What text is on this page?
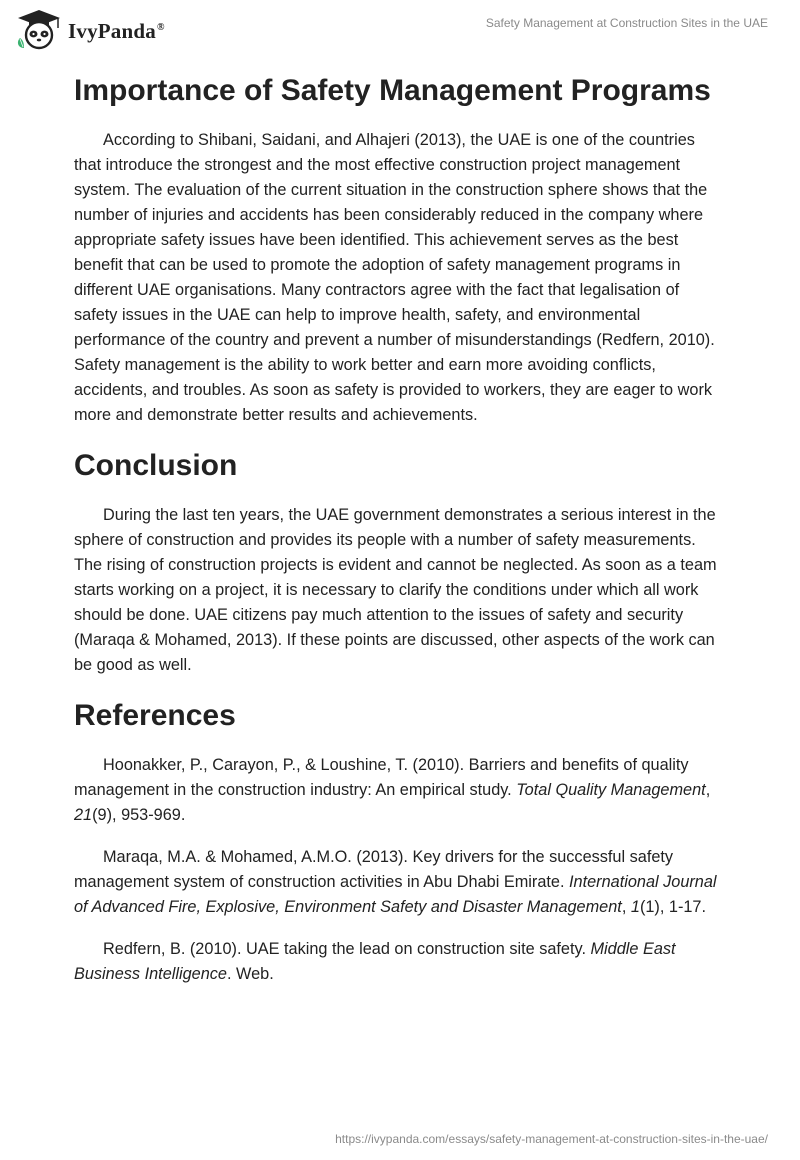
IvyPanda®	Safety Management at Construction Sites in the UAE
Importance of Safety Management Programs

According to Shibani, Saidani, and Alhajeri (2013), the UAE is one of the countries that introduce the strongest and the most effective construction project management system. The evaluation of the current situation in the construction sphere shows that the number of injuries and accidents has been considerably reduced in the company where appropriate safety issues have been identified. This achievement serves as the best benefit that can be used to promote the adoption of safety management programs in different UAE organisations. Many contractors agree with the fact that legalisation of safety issues in the UAE can help to improve health, safety, and environmental performance of the country and prevent a number of misunderstandings (Redfern, 2010). Safety management is the ability to work better and earn more avoiding conflicts, accidents, and troubles. As soon as safety is provided to workers, they are eager to work more and demonstrate better results and achievements.

Conclusion

During the last ten years, the UAE government demonstrates a serious interest in the sphere of construction and provides its people with a number of safety measurements. The rising of construction projects is evident and cannot be neglected. As soon as a team starts working on a project, it is necessary to clarify the conditions under which all work should be done. UAE citizens pay much attention to the issues of safety and security (Maraqa & Mohamed, 2013). If these points are discussed, other aspects of the work can be good as well.

References

Hoonakker, P., Carayon, P., & Loushine, T. (2010). Barriers and benefits of quality management in the construction industry: An empirical study. Total Quality Management, 21(9), 953-969.

Maraqa, M.A. & Mohamed, A.M.O. (2013). Key drivers for the successful safety management system of construction activities in Abu Dhabi Emirate. International Journal of Advanced Fire, Explosive, Environment Safety and Disaster Management, 1(1), 1-17.

Redfern, B. (2010). UAE taking the lead on construction site safety. Middle East Business Intelligence. Web.

https://ivypanda.com/essays/safety-management-at-construction-sites-in-the-uae/
